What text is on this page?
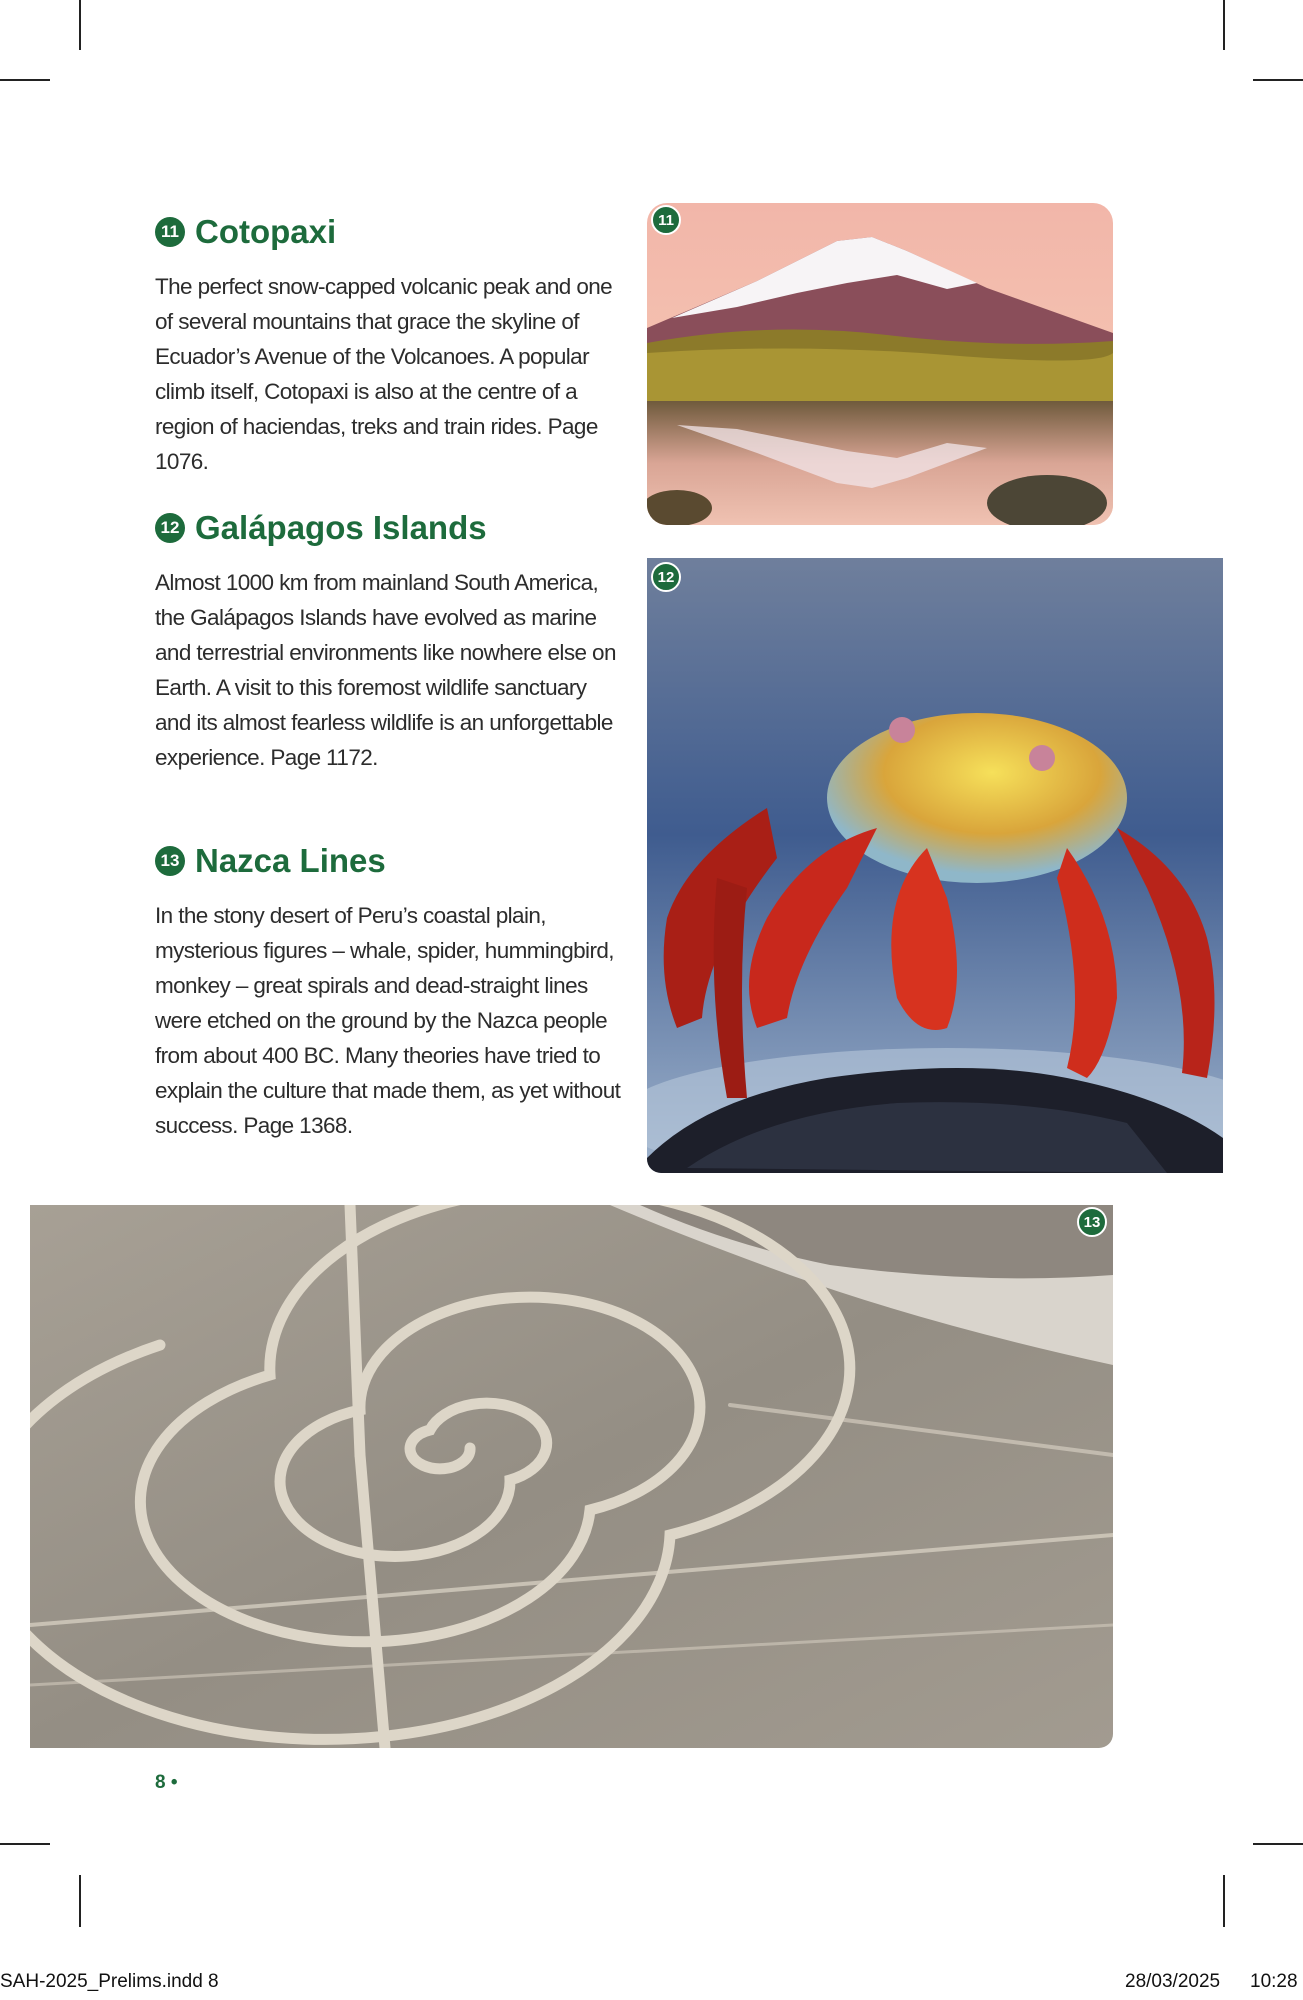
11 Cotopaxi

The perfect snow-capped volcanic peak and one of several mountains that grace the skyline of Ecuador’s Avenue of the Volcanoes. A popular climb itself, Cotopaxi is also at the centre of a region of haciendas, treks and train rides. Page 1076.

12 Galápagos Islands

Almost 1000 km from mainland South America, the Galápagos Islands have evolved as marine and terrestrial environments like nowhere else on Earth. A visit to this foremost wildlife sanctuary and its almost fearless wildlife is an unforgettable experience. Page 1172.

13 Nazca Lines

In the stony desert of Peru’s coastal plain, mysterious figures – whale, spider, hummingbird, monkey – great spirals and dead-straight lines were etched on the ground by the Nazca people from about 400 BC. Many theories have tried to explain the culture that made them, as yet without success. Page 1368.

11
12
13
8 •
SAH-2025_Prelims.indd 8	28/03/2025 10:28
